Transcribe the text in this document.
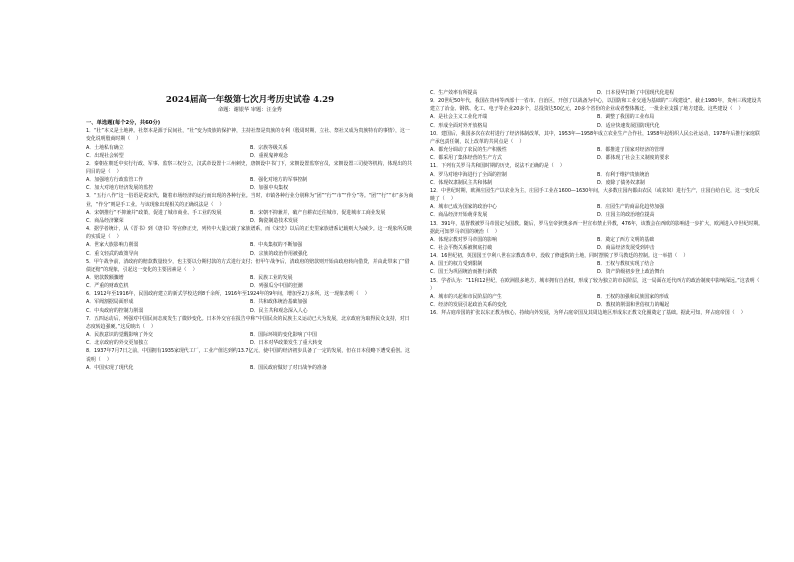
2024届高一年级第七次月考历史试卷 4.29
命题：谢银华 审题：汪金秀
一、单选题(每个2分，共60分)

1．“壮”本义是土地神。社祭本是源于民间社，“壮”变为贵族的保护神，主持社祭是贵族的专利（殷周时期，立社、祭社又成为贵族特有的事情），这一变化说明殷商时期（    ）

A．土地私有确立	B．宗族等级关系
C．出现社会转型	D．重视鬼神观念

2．秦朝在朝廷中实行行政、军事、监察三权分立，汉武帝设置十三州刺史，唐朝设中书门下，宋朝设置监察官员，宋朝设置三司使等机构，体现出的共同目的是（    ）

A．加强地方行政监管工作	B．强化对地方的军事控制
C．加大对地方经济发展的监控	D．加强中央集权

3．“五行八作”这一俗语是说宋代，随着市场经济的运行而出现的各种行业。当时，市镇各种行业分别称为“团”“行”“市”“作分”等。“团”“行”“市”多为商业，“作分”则是手工业。与该现象出现相关的正确说法是（    ）

A．宋朝推行“不抑兼并”政策，促进了城市商业、手工业的发展	B．宋朝不抑兼并，破产自耕农迁往城市，促进城市工商业发展
C．商品经济繁荣	D．陶瓷制造技术发展

4．据学者统计，从《晋书》到《唐书》等官修正史，列传中大量记载了家族谱系，而《宋史》以后的正史里家族谱系记载则大为减少。这一现象所反映的实质是（    ）

A．世家大族影响力削弱	B．中央集权的不断加强
C．重文轻武的政策导向	D．宗族的政治作用被强化

5．甲午战争前，清政府的赔款数量较少，也主要以分期付款的方式进行支付；但甲午战争后，清政府的赔款则开始由政府转向借贷，并由此带来了“借债还赔”的现象，引起这一变化的主要因素是（    ）

A．赔款数额骤增	B．民族工业的发展
C．严重的财政危机	D．列强瓜分中国的狂潮

6．1912年至1916年，民国政府建立的新式学校达到8千余所，1916年至1924年的9年间，增加至2万多所。这一现象表明（    ）

A．军阀割据局面形成	B．共和政体统治基础加强
C．中央政府的控制力削弱	D．民主共和观念深入人心

7．五四运动后，列强对中国民间态度发生了微妙变化。日本外交官在报告中称“中国民众的民族主义运动已大为发展，北京政府为取得民众支持，对日态度转趋强硬。”这反映出（    ）

A．民族意识的觉醒影响了外交	B．国际环境的变化影响了中国
C．北京政府的外交更加独立	D．日本对华政策发生了重大转变

8．1937年7月7日之前，中国拥有1935家现代工厂，工业产值达到约13.7亿元，使中国的经济初步具备了一定的发展，但在日本侵略下遭受重创。这说明（    ）

A．中国实现了现代化	B．国民政府做好了对日战争的准备
C．生产效率有所提高	D．日本侵华打断了中国现代化进程

9．20世纪50年代，我国在贵州等西部十一省市、自治区，开创了以战备为中心，以国防和工业交通为基础的“三线建设”，截止1980年，贵州三线建设共建立了冶金、钢铁、化工、电子等企业20多个，总投资达50亿元，20多个省份的企业或者整体搬迁，一批企业支援了地方建设。这些建设（    ）

A．是社会主义工业化开端	B．调整了我国的工业布局
C．形成全面对外开放格局	D．适应快速发展国防现代化

10．建国后，我国多次在农村进行了经济体制改革，其中，1953年—1958年成立农业生产合作社，1958年起组织人民公社运动，1978年后推行家庭联产承包责任制，以上改革的共同点是（    ）

A．都充分调动了农民的生产积极性	B．都推进了国家对经济的管理
C．都采用了集体经营的生产方式	D．都体现了社会主义制度的要求

11．下列有关罗马共和国时期的历史，说法不正确的是（    ）

A．罗马对地中海进行了全面的控制	B．有利于维护贵族统治
C．体现奴隶制民主共和体制	D．废除了债务奴隶制

12．中世纪时期，欧洲庄园生产以农业为主，庄园手工业在1600—1630年间，大多数庄园内都由农民（或农奴）进行生产，庄园自给自足，这一变化反映了（    ）

A．城市已成为国家的政治中心	B．庄园生产的商品化趋势加强
C．商品经济开始萌芽发展	D．庄园主的政治地位提高

13．391年，基督教被罗马帝国定为国教。随后，罗马皇帝狄奥多西一世宣布禁止异教，476年，该教会在西欧的影响进一步扩大，欧洲进入中世纪时期。据此可知罗马帝国的统治（    ）

A．体现宗教对罗马帝国的影响	B．奠定了西方文明的基础
C．社会平衡关系被彻底打破	D．商品经济发展受到冲击

14．16世纪初，英国国王亨利八世在宗教改革中，没收了修道院的土地，同时摆脱了罗马教廷的控制。这一举措（    ）

A．国王的权力受到限制	B．王权与教权实现了结合
C．国王为巩固统治而推行新教	D．资产阶级初步登上政治舞台

15．学者认为：“11和12世纪，在欧洲很多地方，城市拥有自治权，形成了较为独立的市民阶层，这一局面在近代西方的政治制度中影响深远。”这表明（    ）

A．城市的兴起和市民阶层的产生	B．王权的加强和民族国家的形成
C．经济的发展引起政治关系的变化	D．教权的削弱和世俗权力的崛起

16．拜占庭帝国的扩张以东正教为核心，持续向外发展，为拜占庭帝国及其周边地区形成东正教文化圈奠定了基础。据此可知，拜占庭帝国（    ）
